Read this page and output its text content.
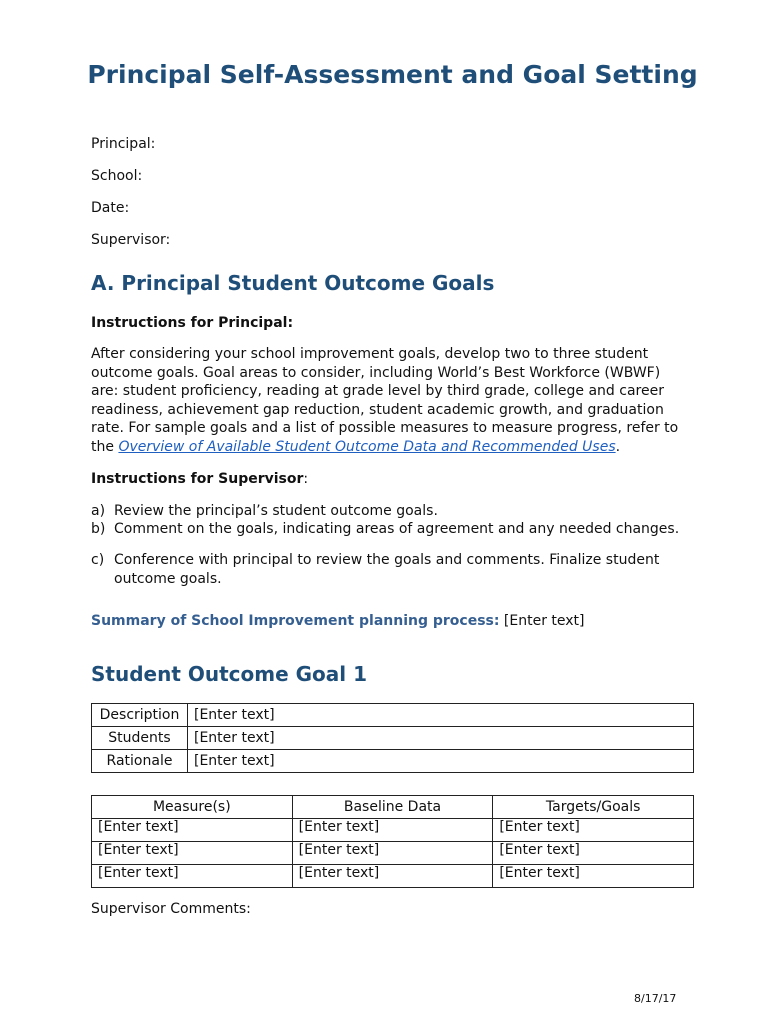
Principal Self-Assessment and Goal Setting
Principal:
School:
Date:
Supervisor:
A. Principal Student Outcome Goals
Instructions for Principal:
After considering your school improvement goals, develop two to three student outcome goals. Goal areas to consider, including World’s Best Workforce (WBWF) are: student proficiency, reading at grade level by third grade, college and career readiness, achievement gap reduction, student academic growth, and graduation rate. For sample goals and a list of possible measures to measure progress, refer to the Overview of Available Student Outcome Data and Recommended Uses.
Instructions for Supervisor:
a) Review the principal’s student outcome goals.
b) Comment on the goals, indicating areas of agreement and any needed changes.
c) Conference with principal to review the goals and comments. Finalize student outcome goals.
Summary of School Improvement planning process: [Enter text]
Student Outcome Goal 1
Description	[Enter text]
Students	[Enter text]
Rationale	[Enter text]
Measure(s)	Baseline Data	Targets/Goals
[Enter text]	[Enter text]	[Enter text]
[Enter text]	[Enter text]	[Enter text]
[Enter text]	[Enter text]	[Enter text]
Supervisor Comments:
8/17/17
